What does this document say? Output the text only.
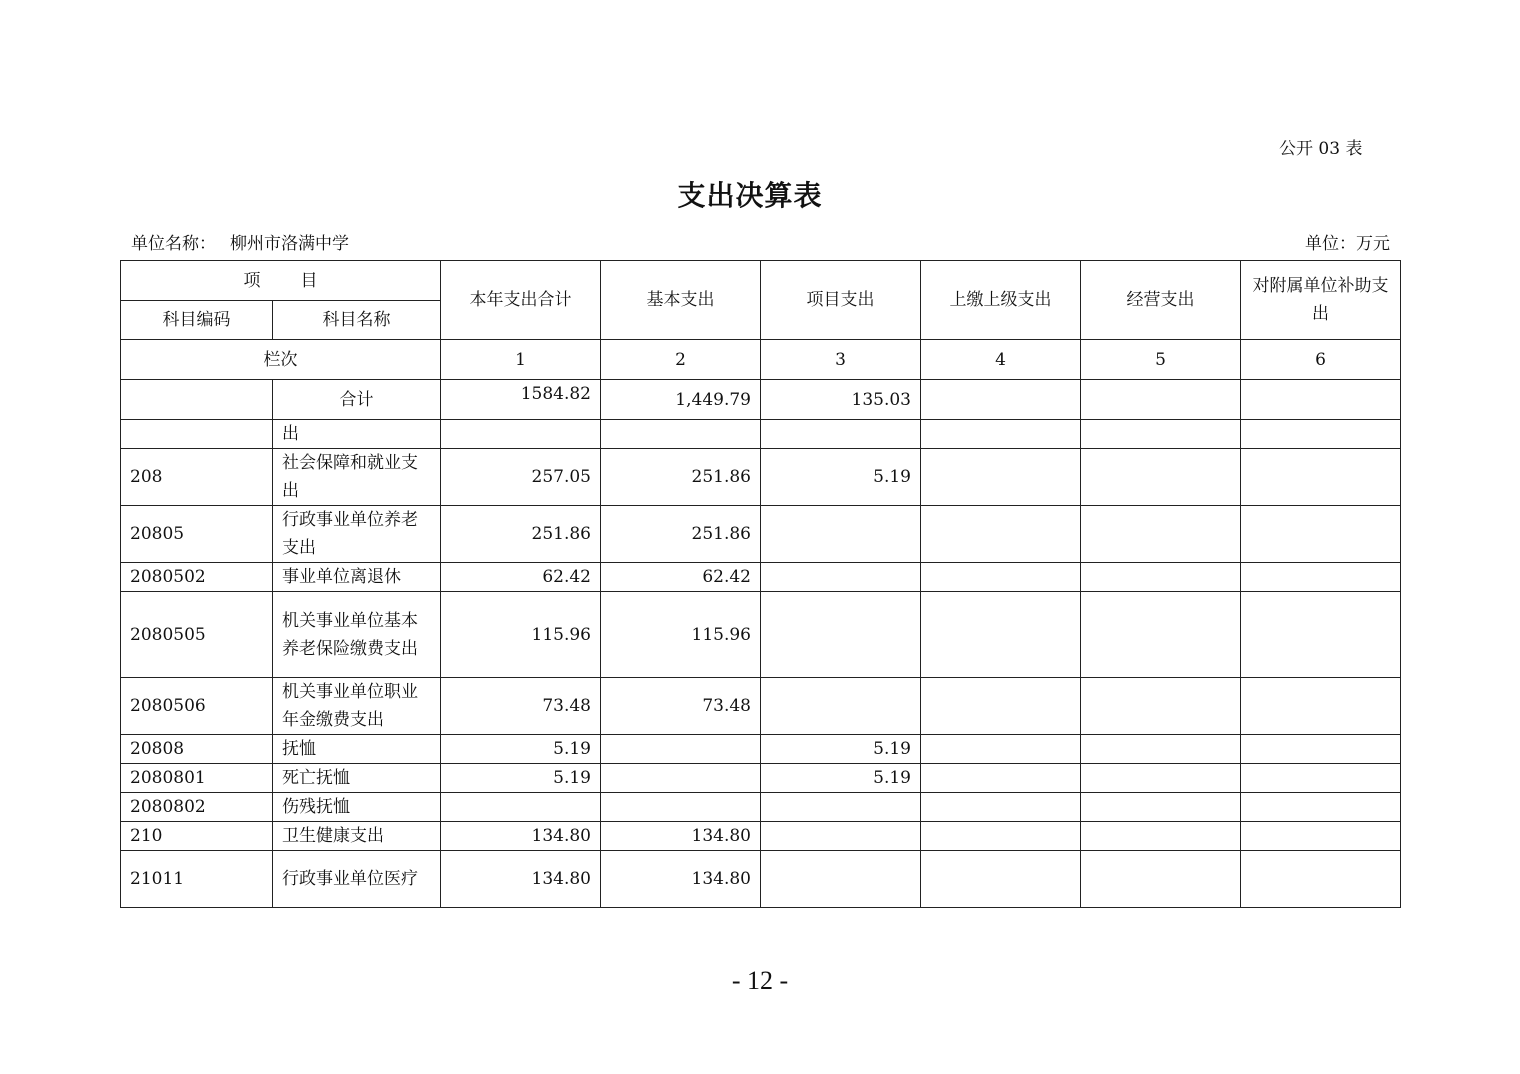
公开 03 表
支出决算表
单位名称： 柳州市洛满中学	单位：万元
项 目		本年支出合计	基本支出	项目支出	上缴上级支出	经营支出	对附属单位补助支出
科目编码	科目名称						
栏次		1	2	3	4	5	6
	合计	1584.82	1,449.79	135.03			
	出						
208	社会保障和就业支出	257.05	251.86	5.19			
20805	行政事业单位养老支出	251.86	251.86				
2080502	事业单位离退休	62.42	62.42				
2080505	机关事业单位基本养老保险缴费支出	115.96	115.96				
2080506	机关事业单位职业年金缴费支出	73.48	73.48				
20808	抚恤	5.19		5.19			
2080801	死亡抚恤	5.19		5.19			
2080802	伤残抚恤						
210	卫生健康支出	134.80	134.80				
21011	行政事业单位医疗	134.80	134.80				
- 12 -
